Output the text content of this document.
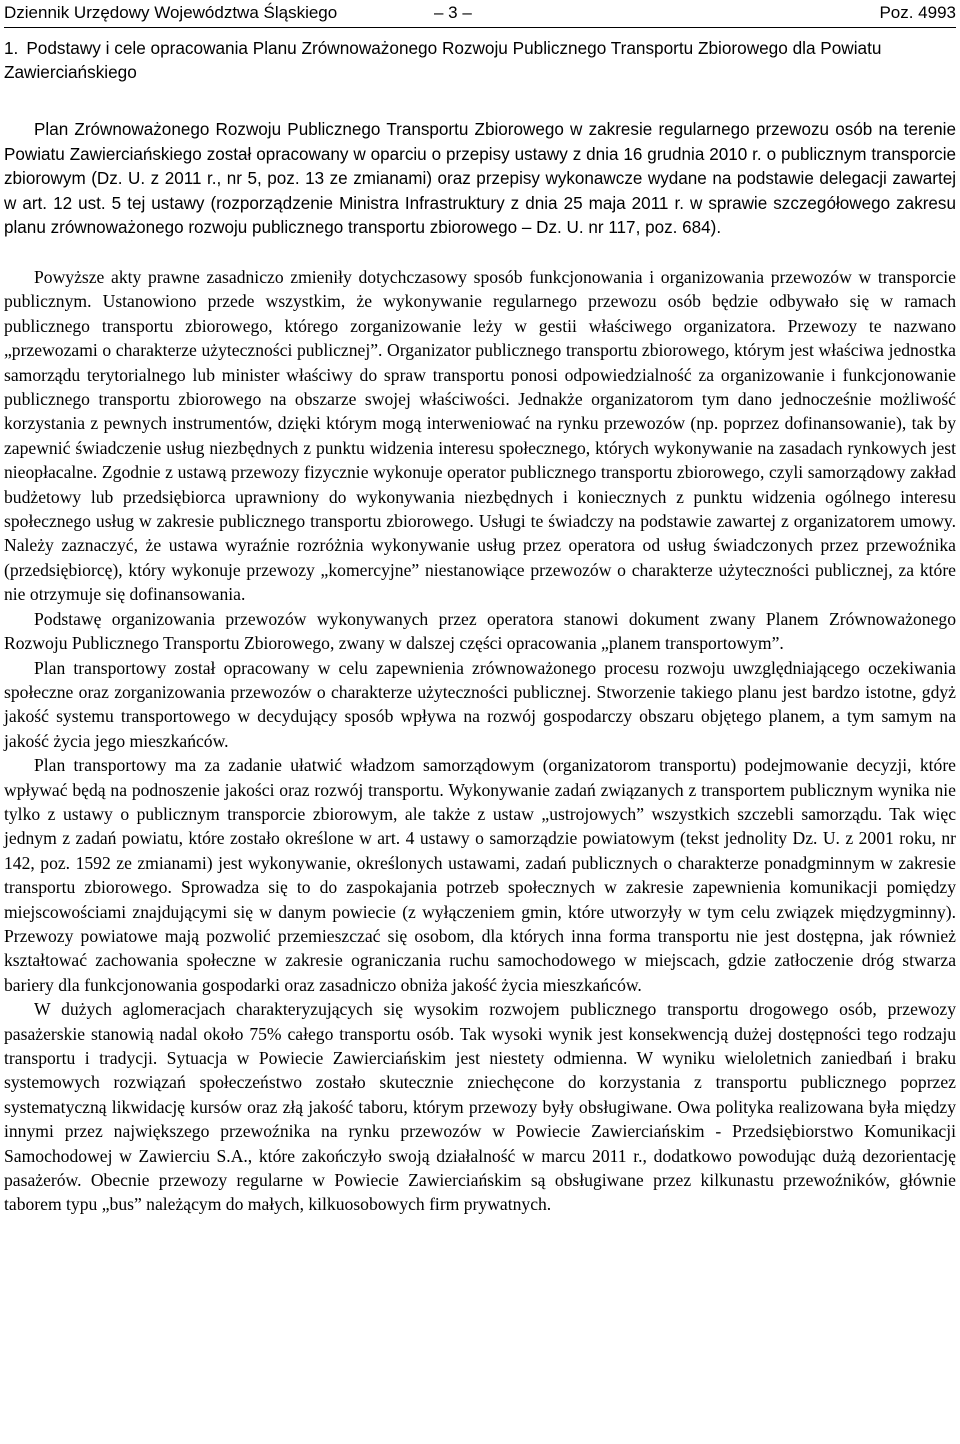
Dziennik Urzędowy Województwa Śląskiego	– 3 –	Poz. 4993
1. Podstawy i cele opracowania Planu Zrównoważonego Rozwoju Publicznego Transportu Zbiorowego dla Powiatu Zawierciańskiego

Plan Zrównoważonego Rozwoju Publicznego Transportu Zbiorowego w zakresie regularnego przewozu osób na terenie Powiatu Zawierciańskiego został opracowany w oparciu o przepisy ustawy z dnia 16 grudnia 2010 r. o publicznym transporcie zbiorowym (Dz. U. z 2011 r., nr 5, poz. 13 ze zmianami) oraz przepisy wykonawcze wydane na podstawie delegacji zawartej w art. 12 ust. 5 tej ustawy (rozporządzenie Ministra Infrastruktury z dnia 25 maja 2011 r. w sprawie szczegółowego zakresu planu zrównoważonego rozwoju publicznego transportu zbiorowego – Dz. U. nr 117, poz. 684).

Powyższe akty prawne zasadniczo zmieniły dotychczasowy sposób funkcjonowania i organizowania przewozów w transporcie publicznym. Ustanowiono przede wszystkim, że wykonywanie regularnego przewozu osób będzie odbywało się w ramach publicznego transportu zbiorowego, którego zorganizowanie leży w gestii właściwego organizatora. Przewozy te nazwano „przewozami o charakterze użyteczności publicznej”. Organizator publicznego transportu zbiorowego, którym jest właściwa jednostka samorządu terytorialnego lub minister właściwy do spraw transportu ponosi odpowiedzialność za organizowanie i funkcjonowanie publicznego transportu zbiorowego na obszarze swojej właściwości. Jednakże organizatorom tym dano jednocześnie możliwość korzystania z pewnych instrumentów, dzięki którym mogą interweniować na rynku przewozów (np. poprzez dofinansowanie), tak by zapewnić świadczenie usług niezbędnych z punktu widzenia interesu społecznego, których wykonywanie na zasadach rynkowych jest nieopłacalne. Zgodnie z ustawą przewozy fizycznie wykonuje operator publicznego transportu zbiorowego, czyli samorządowy zakład budżetowy lub przedsiębiorca uprawniony do wykonywania niezbędnych i koniecznych z punktu widzenia ogólnego interesu społecznego usług w zakresie publicznego transportu zbiorowego. Usługi te świadczy na podstawie zawartej z organizatorem umowy. Należy zaznaczyć, że ustawa wyraźnie rozróżnia wykonywanie usług przez operatora od usług świadczonych przez przewoźnika (przedsiębiorcę), który wykonuje przewozy „komercyjne” niestanowiące przewozów o charakterze użyteczności publicznej, za które nie otrzymuje się dofinansowania.

Podstawę organizowania przewozów wykonywanych przez operatora stanowi dokument zwany Planem Zrównoważonego Rozwoju Publicznego Transportu Zbiorowego, zwany w dalszej części opracowania „planem transportowym”.

Plan transportowy został opracowany w celu zapewnienia zrównoważonego procesu rozwoju uwzględniającego oczekiwania społeczne oraz zorganizowania przewozów o charakterze użyteczności publicznej. Stworzenie takiego planu jest bardzo istotne, gdyż jakość systemu transportowego w decydujący sposób wpływa na rozwój gospodarczy obszaru objętego planem, a tym samym na jakość życia jego mieszkańców.

Plan transportowy ma za zadanie ułatwić władzom samorządowym (organizatorom transportu) podejmowanie decyzji, które wpływać będą na podnoszenie jakości oraz rozwój transportu. Wykonywanie zadań związanych z transportem publicznym wynika nie tylko z ustawy o publicznym transporcie zbiorowym, ale także z ustaw „ustrojowych” wszystkich szczebli samorządu. Tak więc jednym z zadań powiatu, które zostało określone w art. 4 ustawy o samorządzie powiatowym (tekst jednolity Dz. U. z 2001 roku, nr 142, poz. 1592 ze zmianami) jest wykonywanie, określonych ustawami, zadań publicznych o charakterze ponadgminnym w zakresie transportu zbiorowego. Sprowadza się to do zaspokajania potrzeb społecznych w zakresie zapewnienia komunikacji pomiędzy miejscowościami znajdującymi się w danym powiecie (z wyłączeniem gmin, które utworzyły w tym celu związek międzygminny). Przewozy powiatowe mają pozwolić przemieszczać się osobom, dla których inna forma transportu nie jest dostępna, jak również kształtować zachowania społeczne w zakresie ograniczania ruchu samochodowego w miejscach, gdzie zatłoczenie dróg stwarza bariery dla funkcjonowania gospodarki oraz zasadniczo obniża jakość życia mieszkańców.

W dużych aglomeracjach charakteryzujących się wysokim rozwojem publicznego transportu drogowego osób, przewozy pasażerskie stanowią nadal około 75% całego transportu osób. Tak wysoki wynik jest konsekwencją dużej dostępności tego rodzaju transportu i tradycji. Sytuacja w Powiecie Zawierciańskim jest niestety odmienna. W wyniku wieloletnich zaniedbań i braku systemowych rozwiązań społeczeństwo zostało skutecznie zniechęcone do korzystania z transportu publicznego poprzez systematyczną likwidację kursów oraz złą jakość taboru, którym przewozy były obsługiwane. Owa polityka realizowana była między innymi przez największego przewoźnika na rynku przewozów w Powiecie Zawierciańskim - Przedsiębiorstwo Komunikacji Samochodowej w Zawierciu S.A., które zakończyło swoją działalność w marcu 2011 r., dodatkowo powodując dużą dezorientację pasażerów. Obecnie przewozy regularne w Powiecie Zawierciańskim są obsługiwane przez kilkunastu przewoźników, głównie taborem typu „bus” należącym do małych, kilkuosobowych firm prywatnych.
